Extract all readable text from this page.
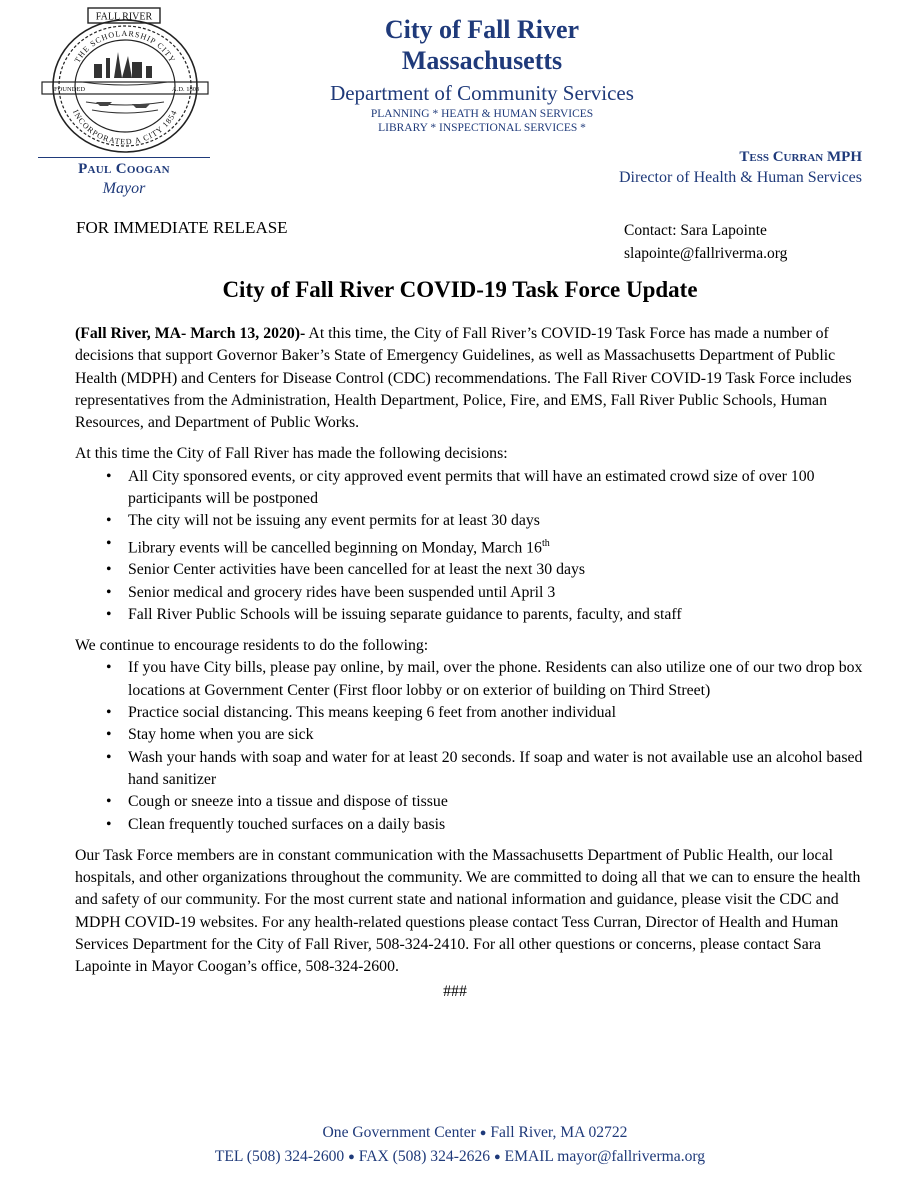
FALL RIVER
THE SCHOLARSHIP CITY
INCORPORATED A CITY 1854
FOUNDED	A.D. 1803
Paul Coogan
Mayor
City of Fall River
Massachusetts
Department of Community Services
PLANNING * HEATH & HUMAN SERVICES
LIBRARY * INSPECTIONAL SERVICES *
Tess Curran MPH
Director of Health & Human Services
FOR IMMEDIATE RELEASE	Contact: Sara Lapointe
slapointe@fallriverma.org
City of Fall River COVID-19 Task Force Update

(Fall River, MA- March 13, 2020)- At this time, the City of Fall River’s COVID-19 Task Force has made a number of decisions that support Governor Baker’s State of Emergency Guidelines, as well as Massachusetts Department of Public Health (MDPH) and Centers for Disease Control (CDC) recommendations. The Fall River COVID-19 Task Force includes representatives from the Administration, Health Department, Police, Fire, and EMS, Fall River Public Schools, Human Resources, and Department of Public Works.

At this time the City of Fall River has made the following decisions:

• All City sponsored events, or city approved event permits that will have an estimated crowd size of over 100 participants will be postponed
• The city will not be issuing any event permits for at least 30 days
• Library events will be cancelled beginning on Monday, March 16th
• Senior Center activities have been cancelled for at least the next 30 days
• Senior medical and grocery rides have been suspended until April 3
• Fall River Public Schools will be issuing separate guidance to parents, faculty, and staff

We continue to encourage residents to do the following:

• If you have City bills, please pay online, by mail, over the phone. Residents can also utilize one of our two drop box locations at Government Center (First floor lobby or on exterior of building on Third Street)
• Practice social distancing. This means keeping 6 feet from another individual
• Stay home when you are sick
• Wash your hands with soap and water for at least 20 seconds. If soap and water is not available use an alcohol based hand sanitizer
• Cough or sneeze into a tissue and dispose of tissue
• Clean frequently touched surfaces on a daily basis

Our Task Force members are in constant communication with the Massachusetts Department of Public Health, our local hospitals, and other organizations throughout the community. We are committed to doing all that we can to ensure the health and safety of our community. For the most current state and national information and guidance, please visit the CDC and MDPH COVID-19 websites. For any health-related questions please contact Tess Curran, Director of Health and Human Services Department for the City of Fall River, 508-324-2410. For all other questions or concerns, please contact Sara Lapointe in Mayor Coogan’s office, 508-324-2600.

###
One Government Center ● Fall River, MA 02722
TEL (508) 324-2600 ● FAX (508) 324-2626 ● EMAIL mayor@fallriverma.org
